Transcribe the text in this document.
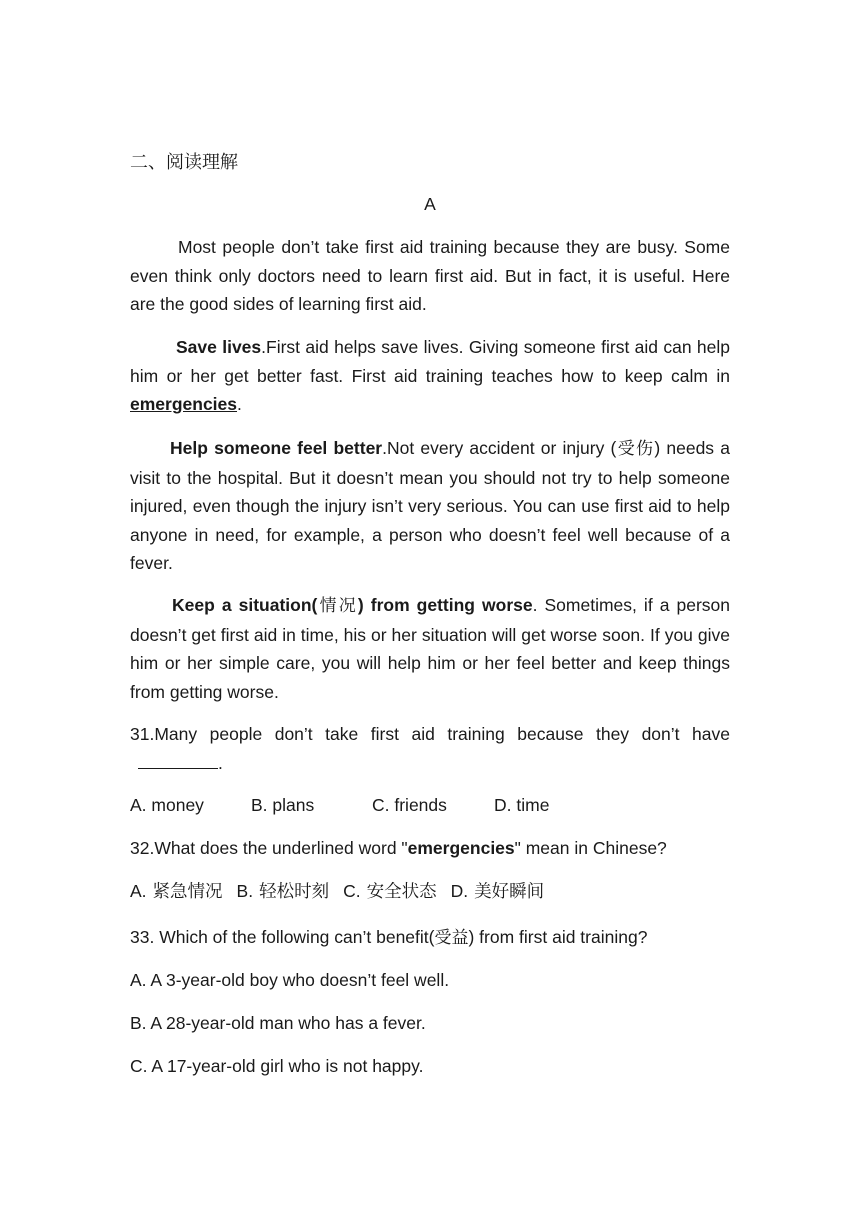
二、阅读理解
A

Most people don’t take first aid training because they are busy. Some even think only doctors need to learn first aid. But in fact, it is useful. Here are the good sides of learning first aid.

Save lives.First aid helps save lives. Giving someone first aid can help him or her get better fast. First aid training teaches how to keep calm in emergencies.

Help someone feel better.Not every accident or injury (受伤) needs a visit to the hospital. But it doesn’t mean you should not try to help someone injured, even though the injury isn’t very serious. You can use first aid to help anyone in need, for example, a person who doesn’t feel well because of a fever.

Keep a situation(情况) from getting worse. Sometimes, if a person doesn’t get first aid in time, his or her situation will get worse soon. If you give him or her simple care, you will help him or her feel better and keep things from getting worse.

31.Many people don’t take first aid training because they don’t have.

A. money	B. plans	C. friends	D. time
32.What does the underlined word "emergencies" mean in Chinese?
A. 紧急情况 B. 轻松时刻 C. 安全状态 D. 美好瞬间
33. Which of the following can’t benefit(受益) from first aid training?
A. A 3-year-old boy who doesn’t feel well.
B. A 28-year-old man who has a fever.
C. A 17-year-old girl who is not happy.
